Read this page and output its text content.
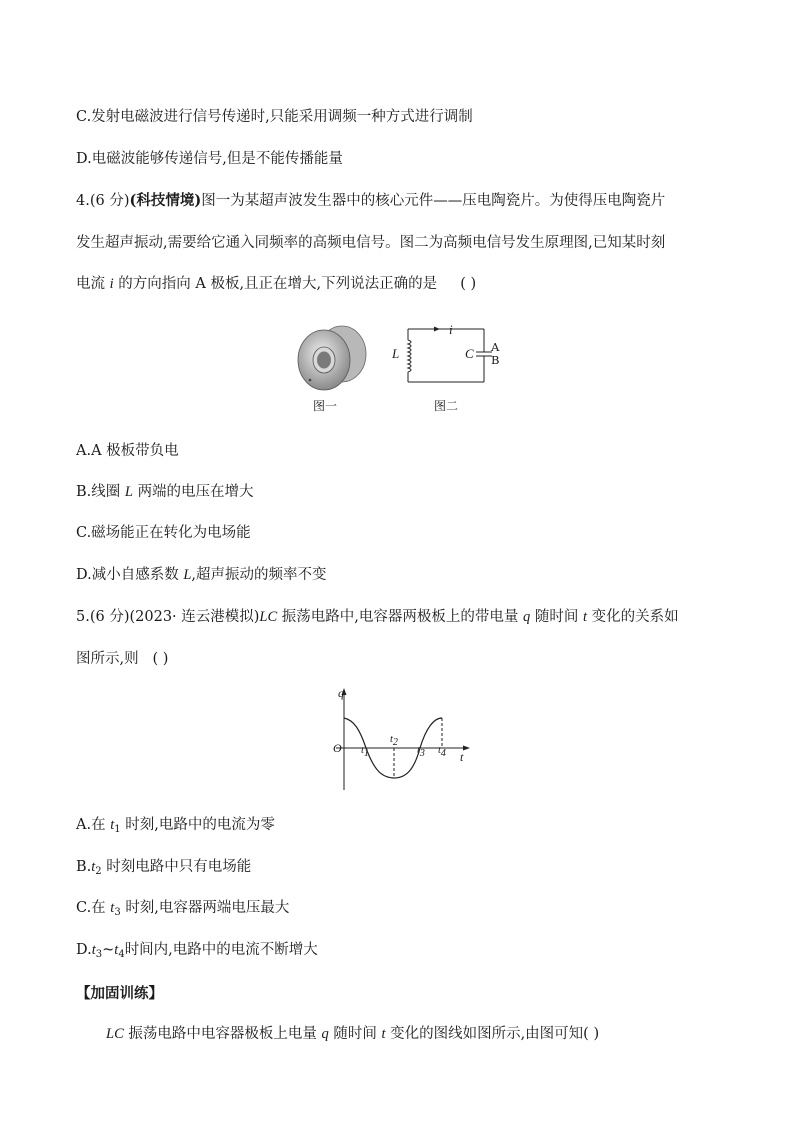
C.发射电磁波进行信号传递时,只能采用调频一种方式进行调制
D.电磁波能够传递信号,但是不能传播能量
4.(6 分)(科技情境)图一为某超声波发生器中的核心元件——压电陶瓷片。为使得压电陶瓷片
发生超声振动,需要给它通入同频率的高频电信号。图二为高频电信号发生原理图,已知某时刻
电流 i 的方向指向 A 极板,且正在增大,下列说法正确的是 ( )
图一
i
L	C A
B
图二
A.A 极板带负电
B.线圈 L 两端的电压在增大
C.磁场能正在转化为电场能
D.减小自感系数 L,超声振动的频率不变
5.(6 分)(2023· 连云港模拟)LC 振荡电路中,电容器两极板上的带电量 q 随时间 t 变化的关系如
图所示,则 ( )
q
O
t
$t_1$
$t_2$
$t_3$ $t_4$
A.在 $t_1$ 时刻,电路中的电流为零
$B.t_2$ 时刻电路中只有电场能
C.在 $t_3$ 时刻,电容器两端电压最大
$D.t_3\sim t_4$时间内,电路中的电流不断增大
【加固训练】
LC 振荡电路中电容器极板上电量 q 随时间 t 变化的图线如图所示,由图可知( )
